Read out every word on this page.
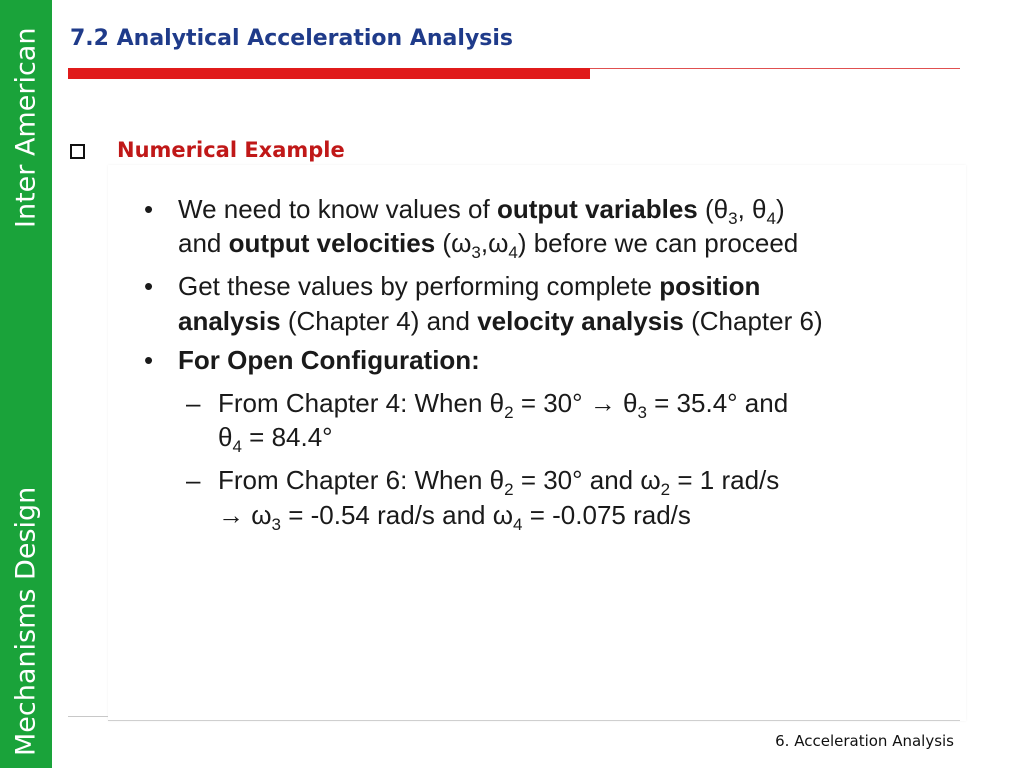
Inter American
Mechanisms Design
7.2 Analytical Acceleration Analysis
Numerical Example
• We need to know values of output variables ($\theta_3$, $\theta_4$)
and output velocities $(\omega_3,\omega_4)$ before we can proceed
• Get these values by performing complete position
analysis (Chapter 4) and velocity analysis (Chapter 6)
• For Open Configuration:
– From Chapter 4: When $\theta_2 = 30^\circ \to \theta_3 = 35.4^\circ$ and
$\theta_4 = 84.4^\circ$
– From Chapter 6: When $\theta_2 = 30^\circ$ and $\omega_2 = 1$ rad/s
→ $\omega_3 = -0.54$ rad/s and $\omega_4 = -0.075$ rad/s
6. Acceleration Analysis
